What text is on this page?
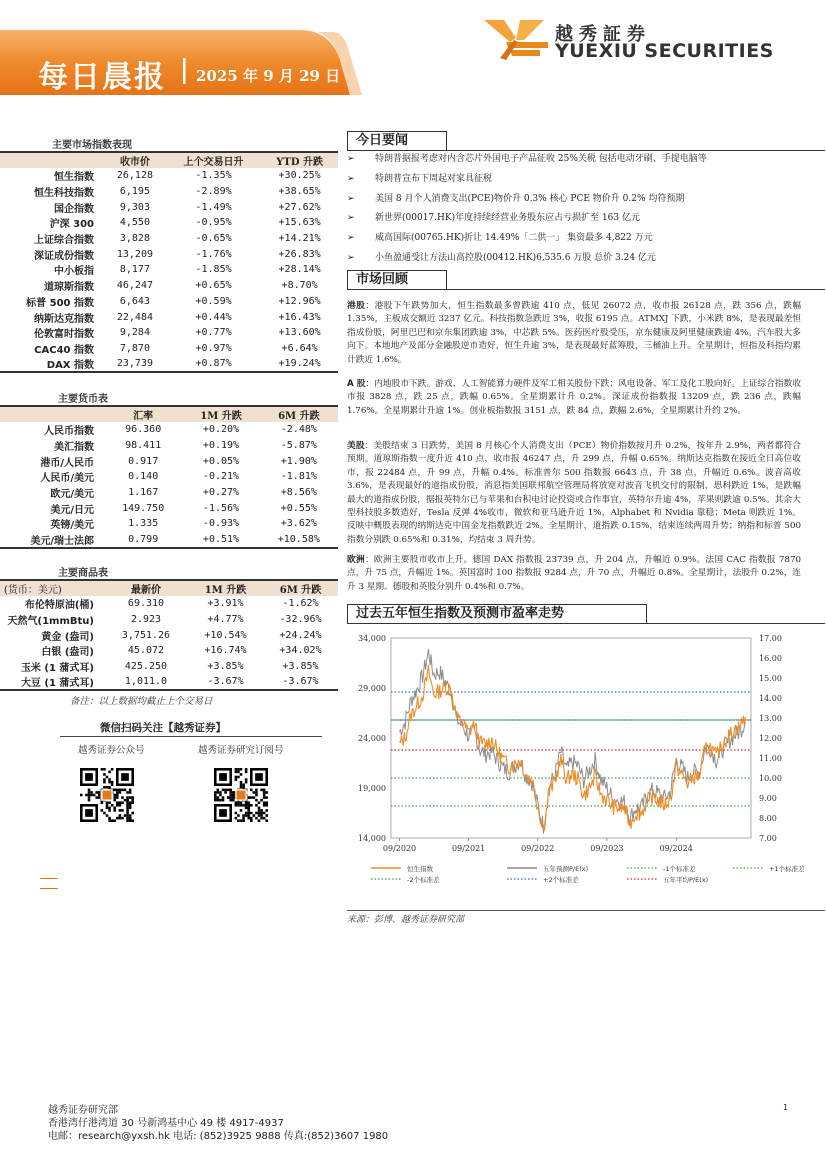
每日晨报 2025 年 9 月 29 日
越秀証券
YUEXIU SECURITIES
主要市场指数表现
	收市价	上个交易日升	YTD 升跌
恒生指数	26,128	-1.35%	+30.25%
恒生科技指数	6,195	-2.89%	+38.65%
国企指数	9,303	-1.49%	+27.62%
沪深 300	4,550	-0.95%	+15.63%
上证综合指数	3,828	-0.65%	+14.21%
深证成份指数	13,209	-1.76%	+26.83%
中小板指	8,177	-1.85%	+28.14%
道琼斯指数	46,247	+0.65%	+8.70%
标普 500 指数	6,643	+0.59%	+12.96%
纳斯达克指数	22,484	+0.44%	+16.43%
伦敦富时指数	9,284	+0.77%	+13.60%
CAC40 指数	7,870	+0.97%	+6.64%
DAX 指数	23,739	+0.87%	+19.24%
主要货币表
	汇率	1M 升跌	6M 升跌
人民币指数	96.360	+0.20%	-2.48%
美汇指数	98.411	+0.19%	-5.87%
港币/人民币	0.917	+0.05%	+1.90%
人民币/美元	0.140	-0.21%	-1.81%
欧元/美元	1.167	+0.27%	+8.56%
美元/日元	149.750	-1.56%	+0.55%
英镑/美元	1.335	-0.93%	+3.62%
美元/瑞士法郎	0.799	+0.51%	+10.58%
主要商品表
(货币：美元)	最新价	1M 升跌	6M 升跌
布伦特原油(桶)	69.310	+3.91%	-1.62%
天然气(1mmBtu)	2.923	+4.77%	-32.96%
黄金 (盎司)	3,751.26	+10.54%	+24.24%
白银 (盎司)	45.072	+16.74%	+34.02%
玉米 (1 蒲式耳)	425.250	+3.85%	+3.85%
大豆 (1 蒲式耳)	1,011.0	-3.67%	-3.67%
备注：以上数据均截止上个交易日
微信扫码关注【越秀证券】
越秀证券公众号	越秀证券研究订阅号
今日要闻
➢ 特朗普据报考虑对内含芯片外国电子产品征收 25%关税 包括电动牙刷、手提电脑等
➢ 特朗普宣布下周起对家具征税
➢ 美国 8 月个人消费支出(PCE)物价升 0.3% 核心 PCE 物价升 0.2% 均符预期
➢ 新世界(00017.HK)年度持续经营业务股东应占亏损扩至 163 亿元
➢ 威高国际(00765.HK)折让 14.49%「二供一」 集资最多 4,822 万元
➢ 小鱼盈通受让方法山高控股(00412.HK)6,535.6 万股 总价 3.24 亿元
市场回顾
港股：港股下午跌势加大，恒生指数最多曾跌逾 410 点，低见 26072 点，收市报 26128 点，跌 356 点，跌幅 1.35%，主板成交额近 3237 亿元。科技指数急跌近 3%，收报 6195 点。ATMXJ 下跌，小米跌 8%，是表现最差恒指成份股，阿里巴巴和京东集团跌逾 3%，中芯跌 5%。医药医疗股受压，京东健康及阿里健康跌逾 4%。汽车股大多向下。本地地产及部分金融股逆市造好，恒生升逾 3%，是表现最好蓝筹股，三桶油上升。全星期计，恒指及科指均累计跌近 1.6%。
A 股：内地股市下跌。游戏、人工智能算力硬件及军工相关股份下跌；风电设备、军工及化工股向好。上证综合指数收市报 3828 点，跌 25 点，跌幅 0.65%。全星期累计升 0.2%。深证成份指数报 13209 点，跌 236 点，跌幅 1.76%。全星期累计升逾 1%。创业板指数报 3151 点，跌 84 点，跌幅 2.6%，全星期累计升约 2%。
美股：美股结束 3 日跌势，美国 8 月核心个人消费支出（PCE）物价指数按月升 0.2%，按年升 2.9%，两者都符合预期。道琼斯指数一度升近 410 点，收市报 46247 点，升 299 点，升幅 0.65%。纳斯达克指数在接近全日高位收市，报 22484 点，升 99 点，升幅 0.4%。标准普尔 500 指数报 6643 点，升 38 点，升幅近 0.6%。波音高收 3.6%，是表现最好的道指成份股，消息指美国联邦航空管理局将放宽对波音飞机交付的限制，思科跌近 1%，是跌幅最大的道指成份股，据报英特尔已与苹果和台积电讨论投资或合作事宜，英特尔升逾 4%，苹果则跌逾 0.5%。其余大型科技股多数造好，Tesla 反弹 4%收市，微软和亚马逊升近 1%，Alphabet 和 Nvidia 靠稳；Meta 则跌近 1%。反映中概股表现的纳斯达克中国金龙指数跌近 2%。全星期计，道指跌 0.15%，结束连续两周升势；纳指和标普 500 指数分别跌 0.65%和 0.31%，均结束 3 周升势。
欧洲：欧洲主要股市收市上升。德国 DAX 指数报 23739 点，升 204 点，升幅近 0.9%。法国 CAC 指数报 7870 点，升 75 点，升幅近 1%。英国富时 100 指数报 9284 点，升 70 点，升幅近 0.8%。全星期计，法股升 0.2%，连升 3 星期。德股和英股分别升 0.4%和 0.7%。
过去五年恒生指数及预测市盈率走势
14,000
19,000
24,000
29,000
34,000
7.00
8.00
9.00
10.00
11.00
12.00
13.00
14.00
15.00
16.00
17.00
09/2020	09/2021	09/2022	09/2023	09/2024
恒生指数	五年预测P/E(x)	-1个标准差	+1个标准差
-2个标准差	+2个标准差	五年平均P/E(x)
来源：彭博、越秀证券研究部
越秀证券研究部
香港湾仔港湾道 30 号新鸿基中心 49 楼 4917-4937
电邮：research@yxsh.hk 电话: (852)3925 9888 传真:(852)3607 1980
1
